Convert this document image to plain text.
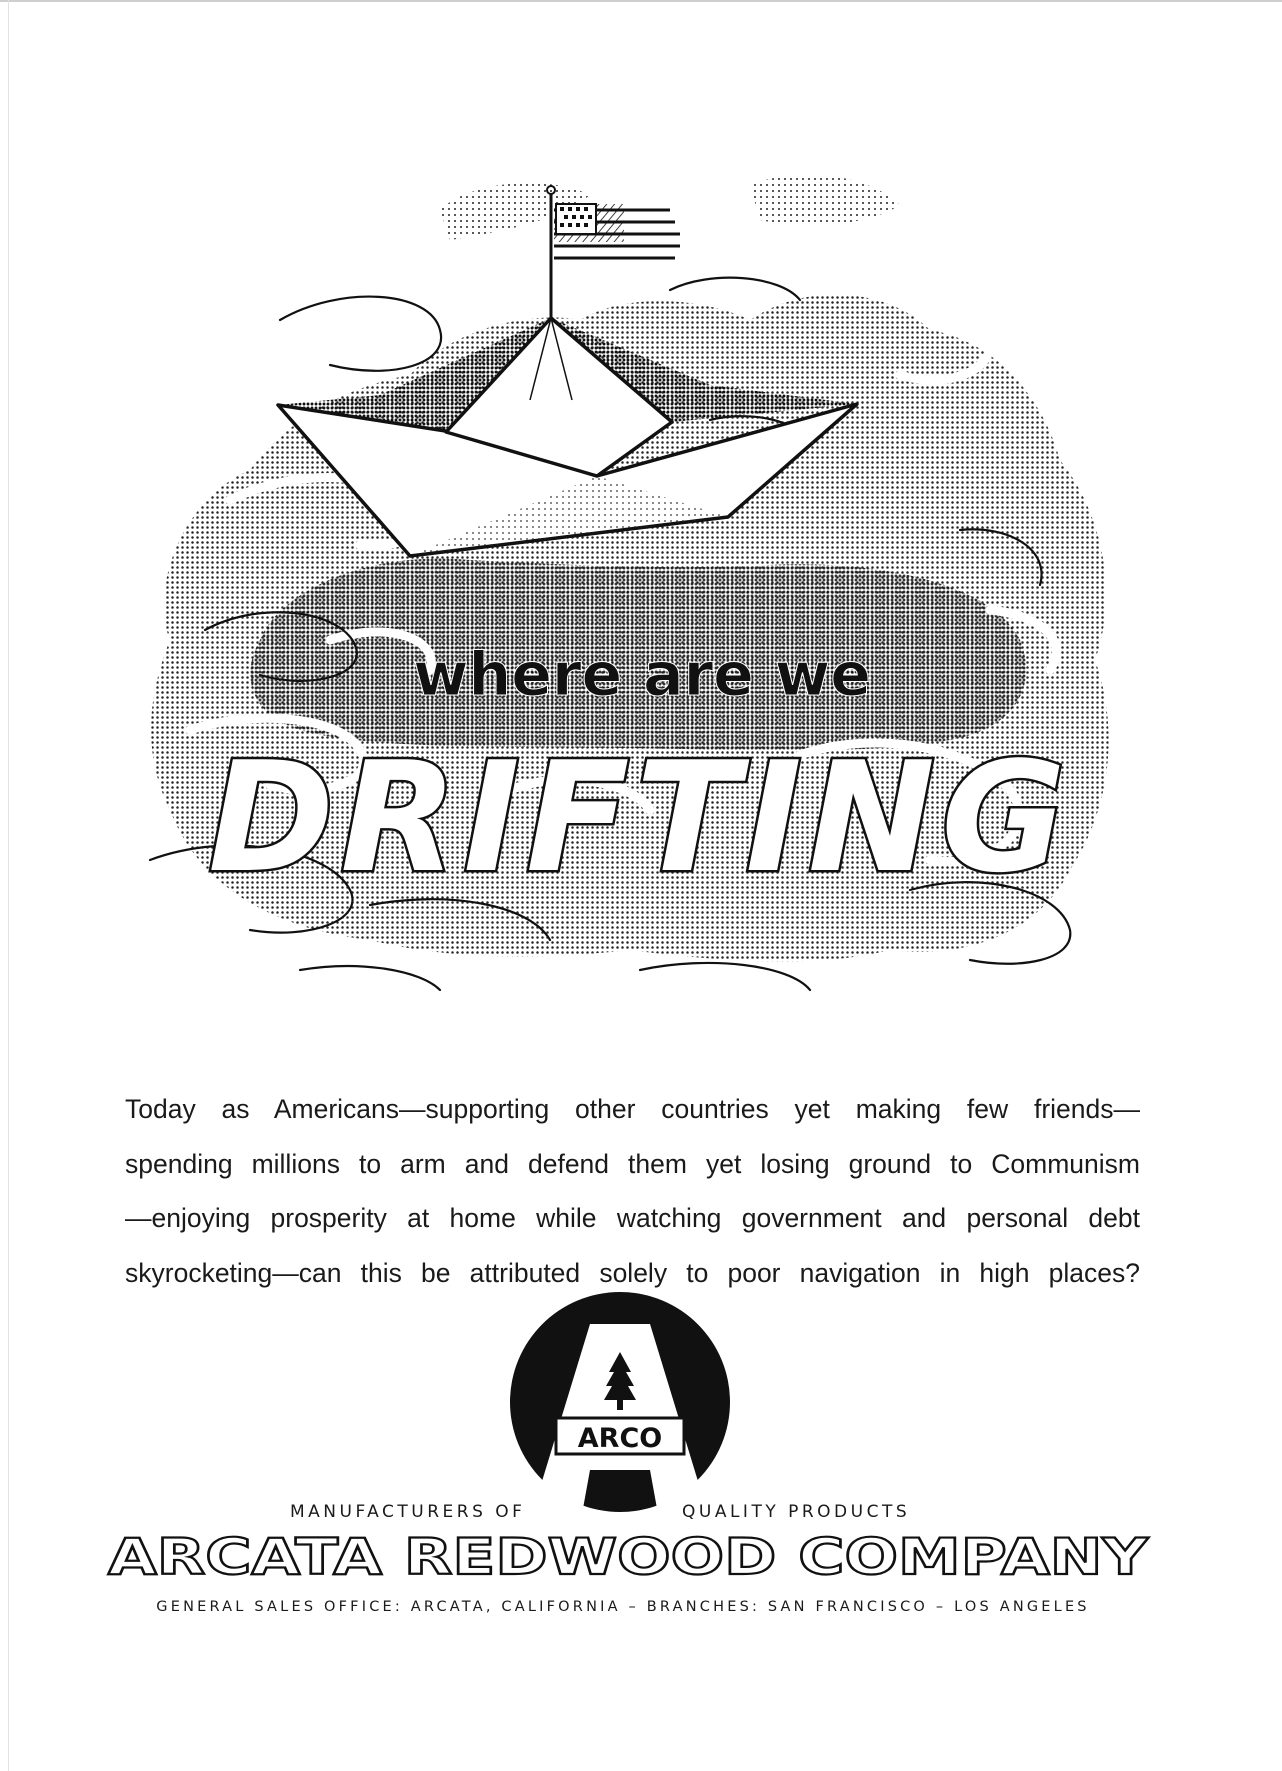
where are we
DRIFTING
Today as Americans—supporting other countries yet making few friends—
spending millions to arm and defend them yet losing ground to Communism
—enjoying prosperity at home while watching government and personal debt
skyrocketing—can this be attributed solely to poor navigation in high places?
ARCO
MANUFACTURERS OF	QUALITY PRODUCTS
ARCATA REDWOOD COMPANY
GENERAL SALES OFFICE: ARCATA, CALIFORNIA – BRANCHES: SAN FRANCISCO – LOS ANGELES
